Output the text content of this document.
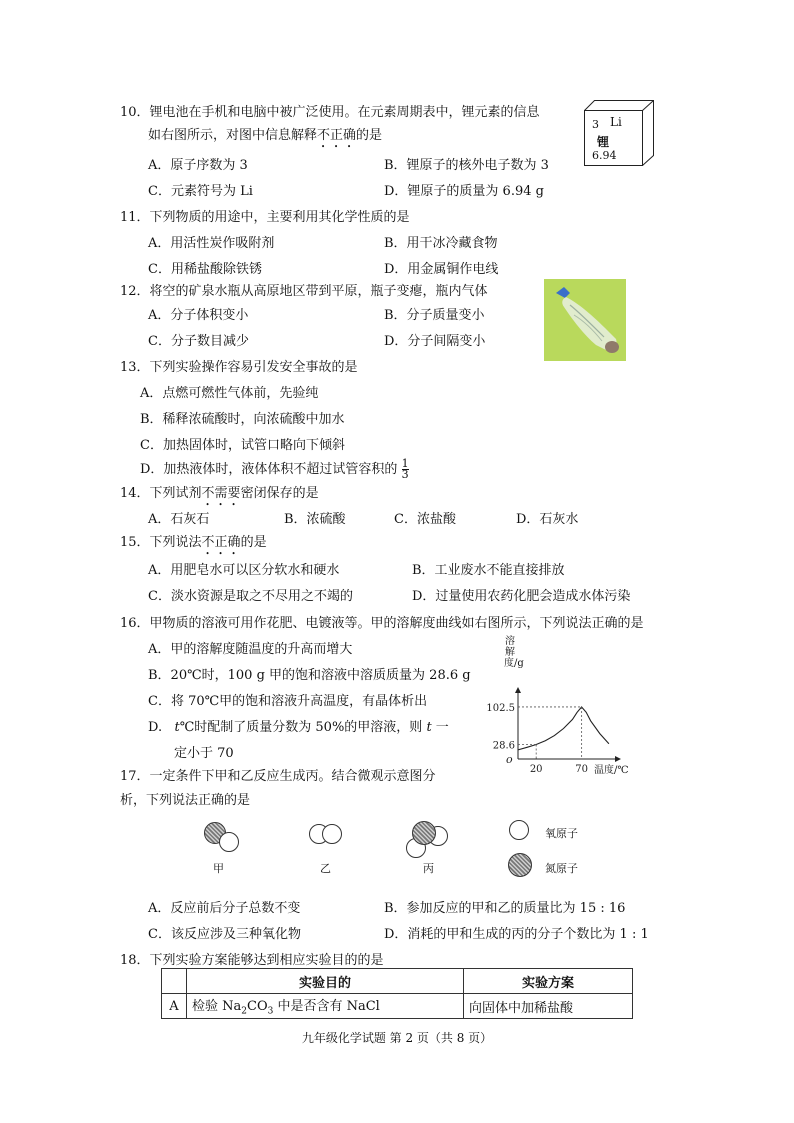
10．锂电池在手机和电脑中被广泛使用。在元素周期表中，锂元素的信息
如右图所示，对图中信息解释不正确的是
A．原子序数为 3	B．锂原子的核外电子数为 3
C．元素符号为 Li	D．锂原子的质量为 6.94 g
3 Li
锂
6.94
11．下列物质的用途中，主要利用其化学性质的是
A．用活性炭作吸附剂	B．用干冰冷藏食物
C．用稀盐酸除铁锈	D．用金属铜作电线
12．将空的矿泉水瓶从高原地区带到平原，瓶子变瘪，瓶内气体
A．分子体积变小	B．分子质量变小
C．分子数目减少	D．分子间隔变小
13．下列实验操作容易引发安全事故的是
A．点燃可燃性气体前，先验纯
B．稀释浓硫酸时，向浓硫酸中加水
C．加热固体时，试管口略向下倾斜
D．加热液体时，液体体积不超过试管容积的 $\frac{1}{3}$
14．下列试剂不需要密闭保存的是
A．石灰石	B．浓硫酸	C．浓盐酸	D．石灰水
15．下列说法不正确的是
A．用肥皂水可以区分软水和硬水	B．工业废水不能直接排放
C．淡水资源是取之不尽用之不竭的	D．过量使用农药化肥会造成水体污染
16．甲物质的溶液可用作花肥、电镀液等。甲的溶解度曲线如右图所示，下列说法正确的是
A．甲的溶解度随温度的升高而增大
B．20℃时，100 g 甲的饱和溶液中溶质质量为 28.6 g
C．将 70℃甲的饱和溶液升高温度，有晶体析出
D.   t℃时配制了质量分数为 50%的甲溶液，则 t 一
定小于 70
28.6
20
102.5
70
o
溶解度/g
温度/℃
17．一定条件下甲和乙反应生成丙。结合微观示意图分
析，下列说法正确的是
甲	乙	丙
氧原子
氮原子
A．反应前后分子总数不变	B．参加反应的甲和乙的质量比为 15 : 16
C．该反应涉及三种氧化物	D．消耗的甲和生成的丙的分子个数比为 1 : 1
18．下列实验方案能够达到相应实验目的的是
	实验目的	实验方案
A	检验 $Na_2CO_3$ 中是否含有 NaCl	向固体中加稀盐酸
九年级化学试题 第 2 页（共 8 页）
